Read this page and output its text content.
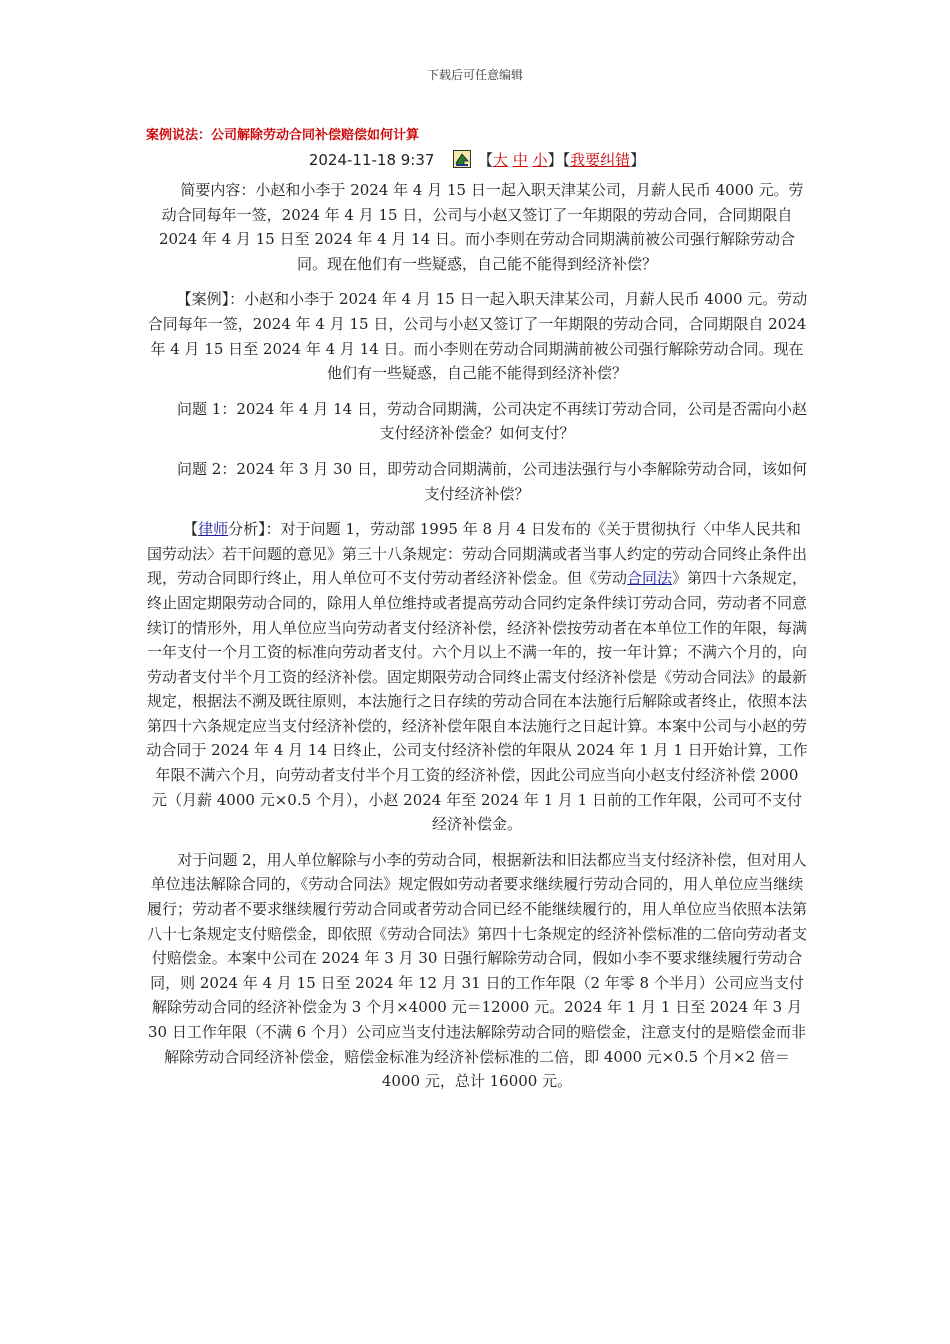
下载后可任意编辑
案例说法：公司解除劳动合同补偿赔偿如何计算
2024-11-18 9:37	【大 中 小】【我要纠错】

简要内容：小赵和小李于 2024 年 4 月 15 日一起入职天津某公司，月薪人民币 4000 元。劳动合同每年一签，2024 年 4 月 15 日，公司与小赵又签订了一年期限的劳动合同，合同期限自 2024 年 4 月 15 日至 2024 年 4 月 14 日。而小李则在劳动合同期满前被公司强行解除劳动合同。现在他们有一些疑惑，自己能不能得到经济补偿？

【案例】：小赵和小李于 2024 年 4 月 15 日一起入职天津某公司，月薪人民币 4000 元。劳动合同每年一签，2024 年 4 月 15 日，公司与小赵又签订了一年期限的劳动合同，合同期限自 2024 年 4 月 15 日至 2024 年 4 月 14 日。而小李则在劳动合同期满前被公司强行解除劳动合同。现在他们有一些疑惑，自己能不能得到经济补偿？

问题 1：2024 年 4 月 14 日，劳动合同期满，公司决定不再续订劳动合同，公司是否需向小赵支付经济补偿金？如何支付？

问题 2：2024 年 3 月 30 日，即劳动合同期满前，公司违法强行与小李解除劳动合同，该如何支付经济补偿？

【律师分析】：对于问题 1，劳动部 1995 年 8 月 4 日发布的《关于贯彻执行〈中华人民共和国劳动法〉若干问题的意见》第三十八条规定：劳动合同期满或者当事人约定的劳动合同终止条件出现，劳动合同即行终止，用人单位可不支付劳动者经济补偿金。但《劳动合同法》第四十六条规定，终止固定期限劳动合同的，除用人单位维持或者提高劳动合同约定条件续订劳动合同，劳动者不同意续订的情形外，用人单位应当向劳动者支付经济补偿，经济补偿按劳动者在本单位工作的年限，每满一年支付一个月工资的标准向劳动者支付。六个月以上不满一年的，按一年计算；不满六个月的，向劳动者支付半个月工资的经济补偿。固定期限劳动合同终止需支付经济补偿是《劳动合同法》的最新规定，根据法不溯及既往原则，本法施行之日存续的劳动合同在本法施行后解除或者终止，依照本法第四十六条规定应当支付经济补偿的，经济补偿年限自本法施行之日起计算。本案中公司与小赵的劳动合同于 2024 年 4 月 14 日终止，公司支付经济补偿的年限从 2024 年 1 月 1 日开始计算，工作年限不满六个月，向劳动者支付半个月工资的经济补偿，因此公司应当向小赵支付经济补偿 2000 元（月薪 4000 元×0.5 个月），小赵 2024 年至 2024 年 1 月 1 日前的工作年限，公司可不支付经济补偿金。

对于问题 2，用人单位解除与小李的劳动合同，根据新法和旧法都应当支付经济补偿，但对用人单位违法解除合同的，《劳动合同法》规定假如劳动者要求继续履行劳动合同的，用人单位应当继续履行；劳动者不要求继续履行劳动合同或者劳动合同已经不能继续履行的，用人单位应当依照本法第八十七条规定支付赔偿金，即依照《劳动合同法》第四十七条规定的经济补偿标准的二倍向劳动者支付赔偿金。本案中公司在 2024 年 3 月 30 日强行解除劳动合同，假如小李不要求继续履行劳动合同，则 2024 年 4 月 15 日至 2024 年 12 月 31 日的工作年限（2 年零 8 个半月）公司应当支付解除劳动合同的经济补偿金为 3 个月×4000 元＝12000 元。2024 年 1 月 1 日至 2024 年 3 月 30 日工作年限（不满 6 个月）公司应当支付违法解除劳动合同的赔偿金，注意支付的是赔偿金而非解除劳动合同经济补偿金，赔偿金标准为经济补偿标准的二倍，即 4000 元×0.5 个月×2 倍＝4000 元，总计 16000 元。
